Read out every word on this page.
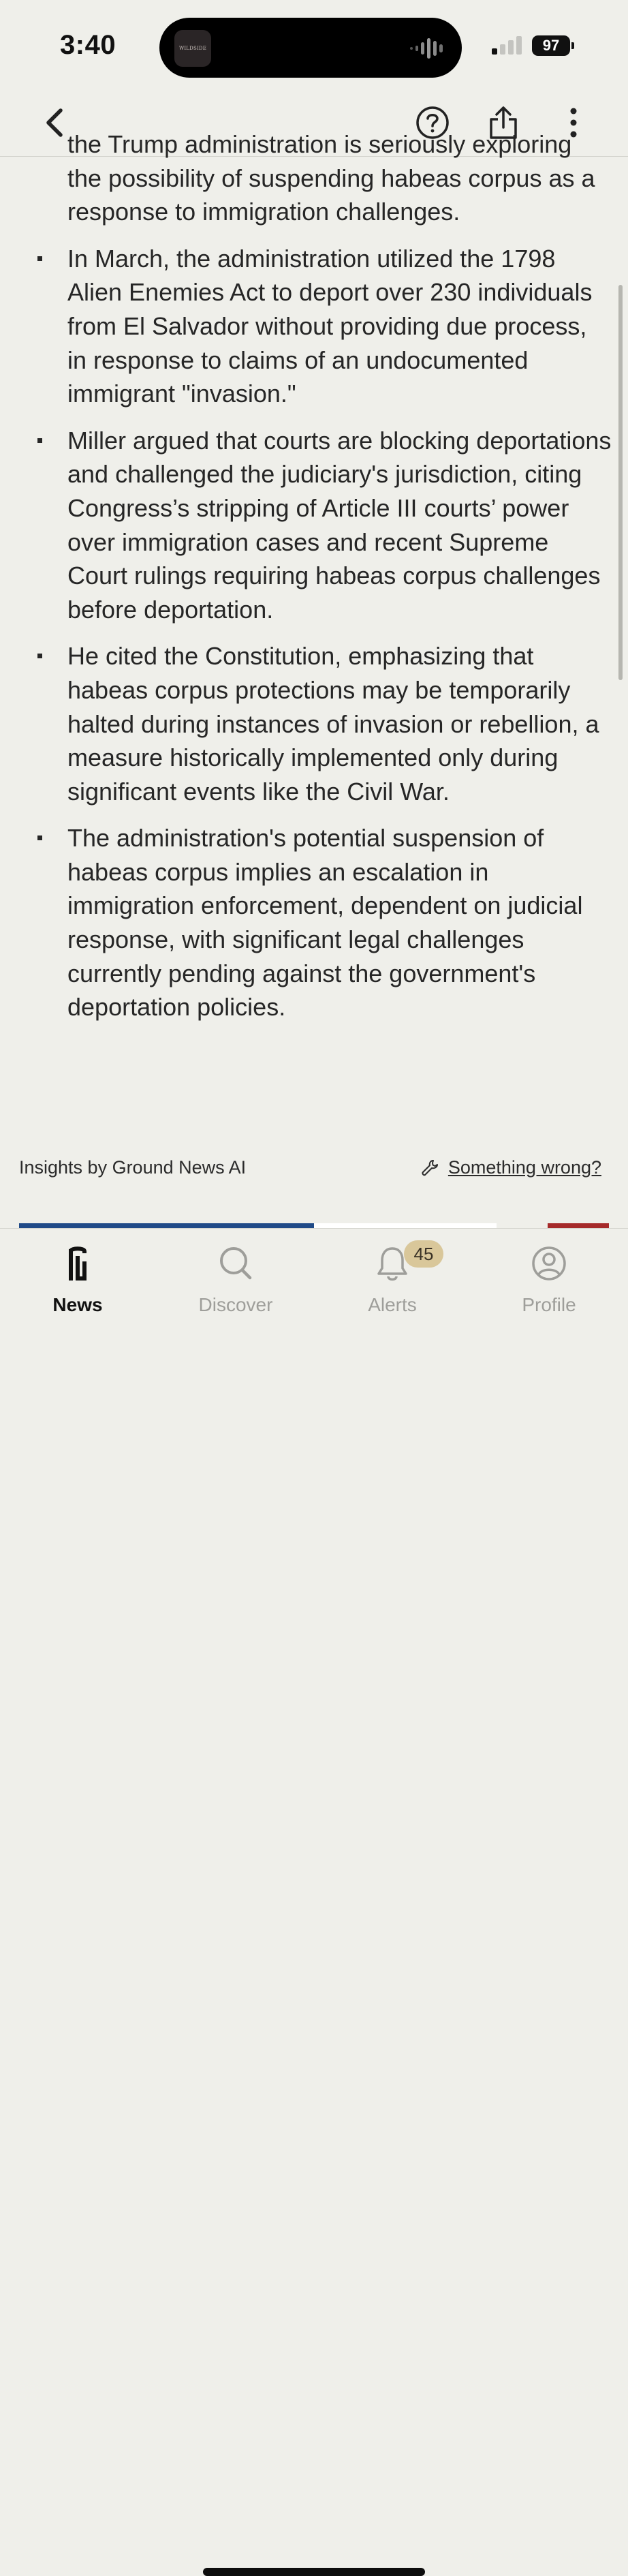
3:40	WILDSIDE	97
the Trump administration is seriously exploring the possibility of suspending habeas corpus as a response to immigration challenges.
In March, the administration utilized the 1798 Alien Enemies Act to deport over 230 individuals from El Salvador without providing due process, in response to claims of an undocumented immigrant "invasion."
Miller argued that courts are blocking deportations and challenged the judiciary's jurisdiction, citing Congress’s stripping of Article III courts’ power over immigration cases and recent Supreme Court rulings requiring habeas corpus challenges before deportation.
He cited the Constitution, emphasizing that habeas corpus protections may be temporarily halted during instances of invasion or rebellion, a measure historically implemented only during significant events like the Civil War.
The administration's potential suspension of habeas corpus implies an escalation in immigration enforcement, dependent on judicial response, with significant legal challenges currently pending against the government's deportation policies.
Insights by Ground News AI	Something wrong?
News	Discover
45
Alerts	Profile
